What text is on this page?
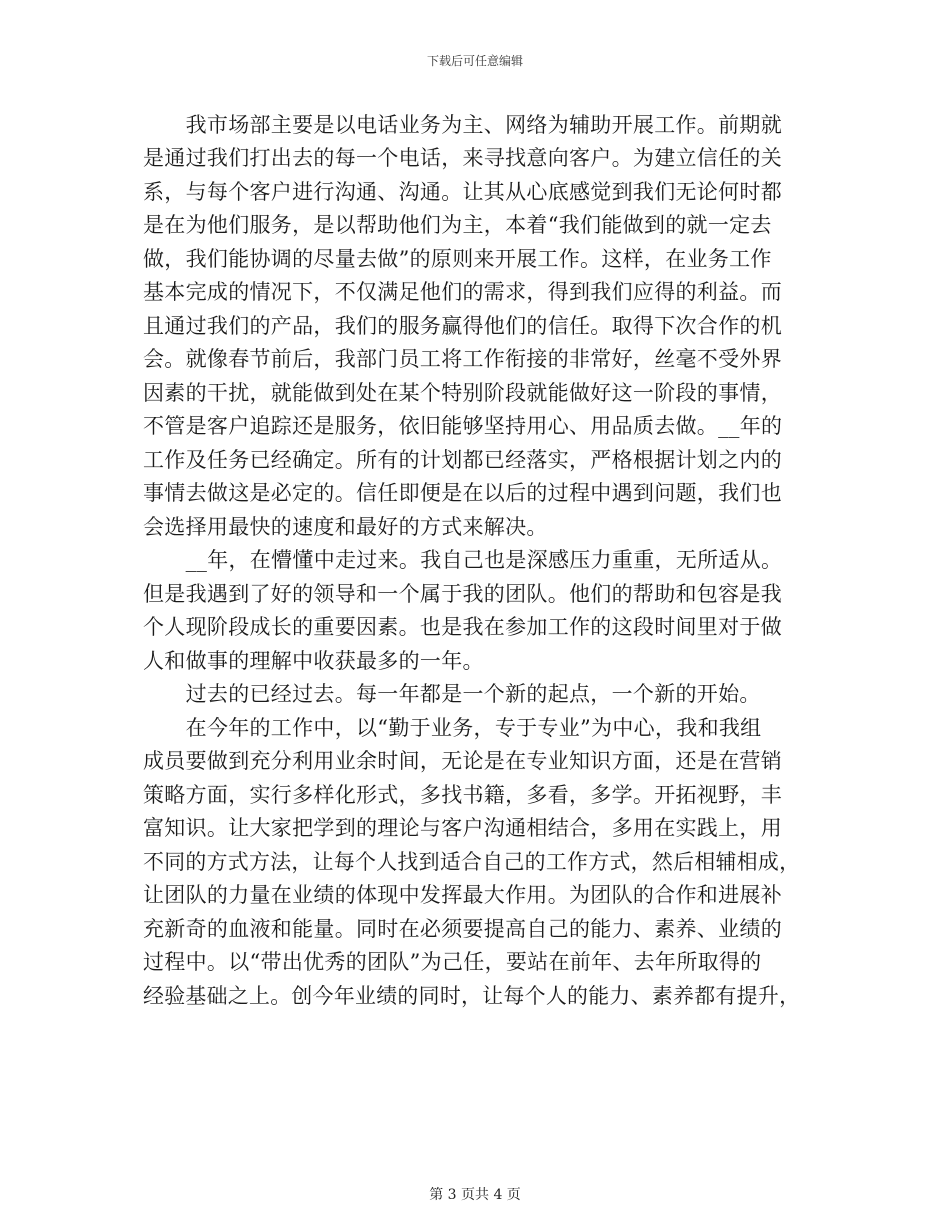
下载后可任意编辑
　　我市场部主要是以电话业务为主、网络为辅助开展工作。前期就
是通过我们打出去的每一个电话，来寻找意向客户。为建立信任的关
系，与每个客户进行沟通、沟通。让其从心底感觉到我们无论何时都
是在为他们服务，是以帮助他们为主，本着“我们能做到的就一定去
做，我们能协调的尽量去做”的原则来开展工作。这样，在业务工作
基本完成的情况下，不仅满足他们的需求，得到我们应得的利益。而
且通过我们的产品，我们的服务赢得他们的信任。取得下次合作的机
会。就像春节前后，我部门员工将工作衔接的非常好，丝毫不受外界
因素的干扰，就能做到处在某个特别阶段就能做好这一阶段的事情，
不管是客户追踪还是服务，依旧能够坚持用心、用品质去做。__年的
工作及任务已经确定。所有的计划都已经落实，严格根据计划之内的
事情去做这是必定的。信任即便是在以后的过程中遇到问题，我们也
会选择用最快的速度和最好的方式来解决。
　　__年，在懵懂中走过来。我自己也是深感压力重重，无所适从。
但是我遇到了好的领导和一个属于我的团队。他们的帮助和包容是我
个人现阶段成长的重要因素。也是我在参加工作的这段时间里对于做
人和做事的理解中收获最多的一年。
　　过去的已经过去。每一年都是一个新的起点，一个新的开始。
　　在今年的工作中，以“勤于业务，专于专业”为中心，我和我组
成员要做到充分利用业余时间，无论是在专业知识方面，还是在营销
策略方面，实行多样化形式，多找书籍，多看，多学。开拓视野，丰
富知识。让大家把学到的理论与客户沟通相结合，多用在实践上，用
不同的方式方法，让每个人找到适合自己的工作方式，然后相辅相成，
让团队的力量在业绩的体现中发挥最大作用。为团队的合作和进展补
充新奇的血液和能量。同时在必须要提高自己的能力、素养、业绩的
过程中。以“带出优秀的团队”为己任，要站在前年、去年所取得的
经验基础之上。创今年业绩的同时，让每个人的能力、素养都有提升，
第 3 页共 4 页
